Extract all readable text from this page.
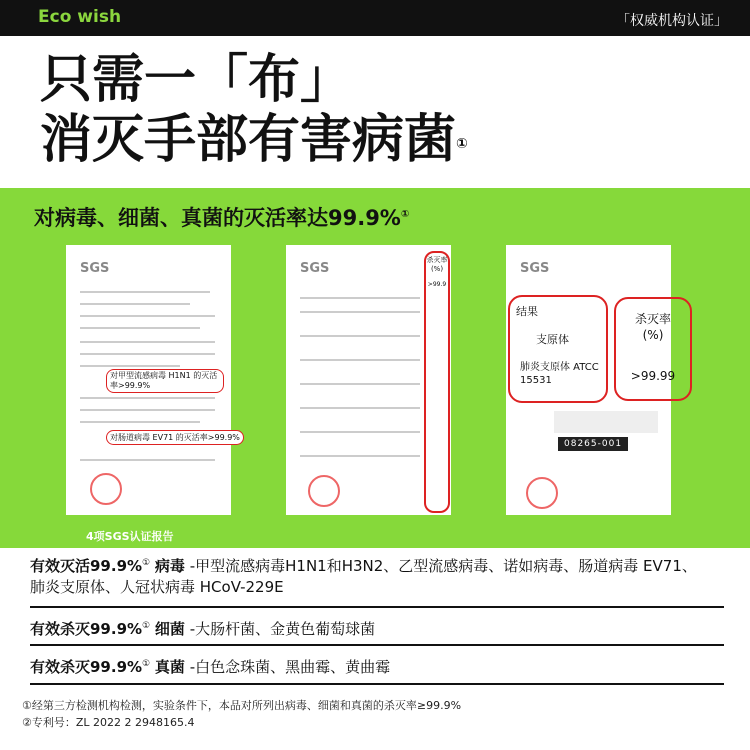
Eco wish	「权威机构认证」
只需一「布」
消灭手部有害病菌①
对病毒、细菌、真菌的灭活率达99.9%①
SGS
对甲型流感病毒 H1N1 的灭活率>99.9%
对肠道病毒 EV71 的灭活率>99.9%
SGS
杀灭率 (%)
>99.9
SGS
结果
支原体
肺炎支原体 ATCC 15531
杀灭率 (%)
>99.99
08265-001
4项SGS认证报告
有效灭活99.9%① 病毒 -甲型流感病毒H1N1和H3N2、乙型流感病毒、诺如病毒、肠道病毒 EV71、
肺炎支原体、人冠状病毒 HCoV-229E
有效杀灭99.9%① 细菌 -大肠杆菌、金黄色葡萄球菌
有效杀灭99.9%① 真菌 -白色念珠菌、黑曲霉、黄曲霉
①经第三方检测机构检测，实验条件下，本品对所列出病毒、细菌和真菌的杀灭率≥99.9%
②专利号：ZL 2022 2 2948165.4
